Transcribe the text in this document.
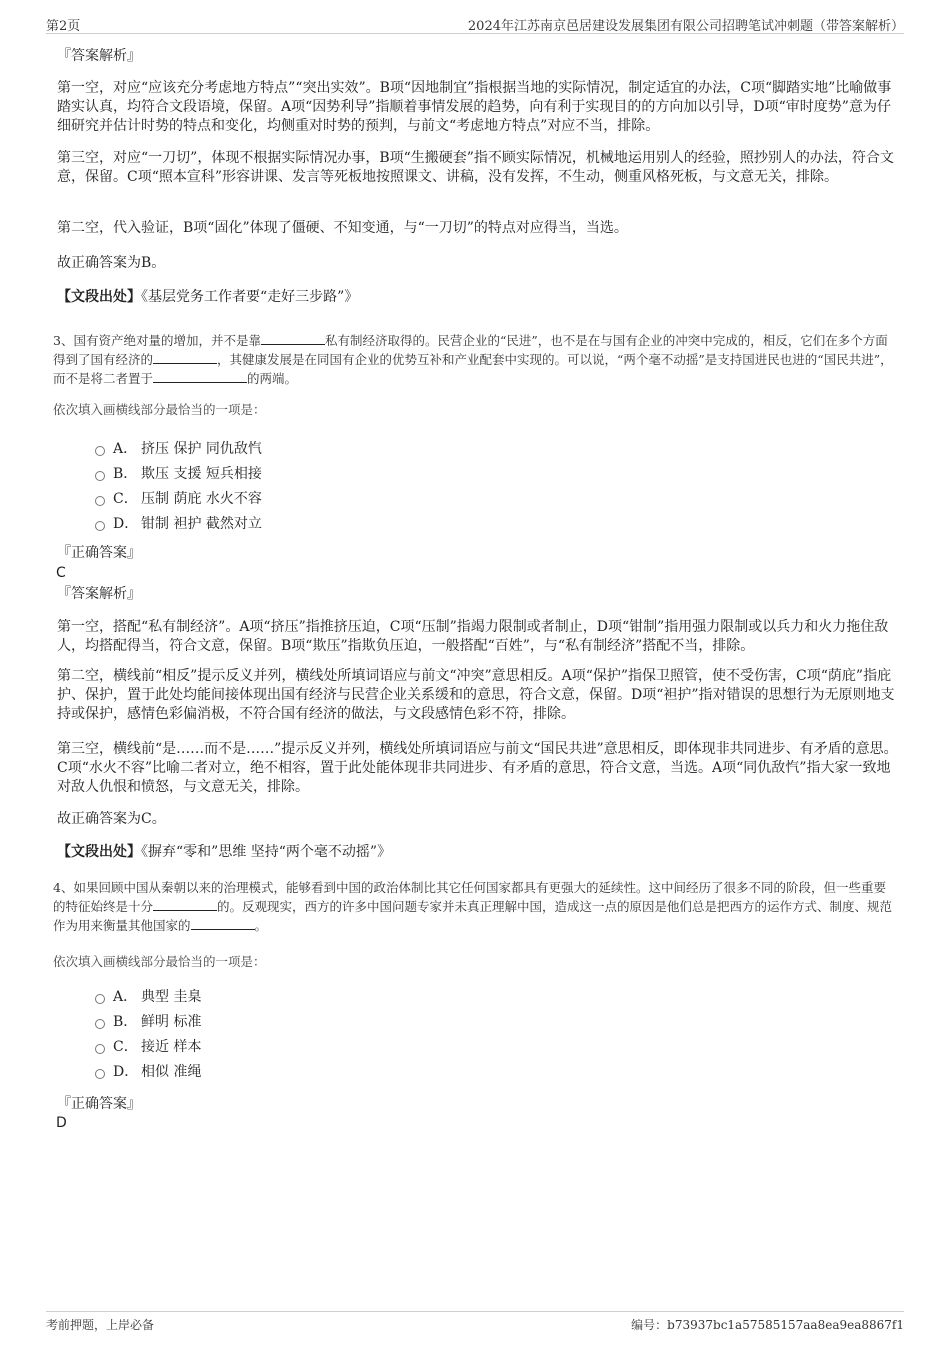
第2页	2024年江苏南京邑居建设发展集团有限公司招聘笔试冲刺题（带答案解析）
『答案解析』

第一空，对应“应该充分考虑地方特点”“突出实效”。B项“因地制宜”指根据当地的实际情况，制定适宜的办法，C项“脚踏实地”比喻做事踏实认真，均符合文段语境，保留。A项“因势利导”指顺着事情发展的趋势，向有利于实现目的的方向加以引导，D项“审时度势”意为仔细研究并估计时势的特点和变化，均侧重对时势的预判，与前文“考虑地方特点”对应不当，排除。

第三空，对应“一刀切”，体现不根据实际情况办事，B项“生搬硬套”指不顾实际情况，机械地运用别人的经验，照抄别人的办法，符合文意，保留。C项“照本宣科”形容讲课、发言等死板地按照课文、讲稿，没有发挥，不生动，侧重风格死板，与文意无关，排除。

第二空，代入验证，B项“固化”体现了僵硬、不知变通，与“一刀切”的特点对应得当，当选。

故正确答案为B。

【文段出处】《基层党务工作者要“走好三步路”》
3、国有资产绝对量的增加，并不是靠	私有制经济取得的。民营企业的“民进”，也不是在与国有企业的冲突中完成的，相反，它们在多个方面得到了国有经济的	，其健康发展是在同国有企业的优势互补和产业配套中实现的。可以说，“两个毫不动摇”是支持国进民也进的“国民共进”，而不是将二者置于	的两端。
依次填入画横线部分最恰当的一项是：
A． 挤压 保护 同仇敌忾
B． 欺压 支援 短兵相接
C． 压制 荫庇 水火不容
D． 钳制 袒护 截然对立
『正确答案』
C
『答案解析』

第一空，搭配“私有制经济”。A项“挤压”指推挤压迫，C项“压制”指竭力限制或者制止，D项“钳制”指用强力限制或以兵力和火力拖住敌人，均搭配得当，符合文意，保留。B项“欺压”指欺负压迫，一般搭配“百姓”，与“私有制经济”搭配不当，排除。

第二空，横线前“相反”提示反义并列，横线处所填词语应与前文“冲突”意思相反。A项“保护”指保卫照管，使不受伤害，C项“荫庇”指庇护、保护，置于此处均能间接体现出国有经济与民营企业关系缓和的意思，符合文意，保留。D项“袒护”指对错误的思想行为无原则地支持或保护，感情色彩偏消极，不符合国有经济的做法，与文段感情色彩不符，排除。

第三空，横线前“是……而不是……”提示反义并列，横线处所填词语应与前文“国民共进”意思相反，即体现非共同进步、有矛盾的意思。C项“水火不容”比喻二者对立，绝不相容，置于此处能体现非共同进步、有矛盾的意思，符合文意，当选。A项“同仇敌忾”指大家一致地对敌人仇恨和愤怒，与文意无关，排除。

故正确答案为C。

【文段出处】《摒弃“零和”思维 坚持“两个毫不动摇”》
4、如果回顾中国从秦朝以来的治理模式，能够看到中国的政治体制比其它任何国家都具有更强大的延续性。这中间经历了很多不同的阶段，但一些重要的特征始终是十分	的。反观现实，西方的许多中国问题专家并未真正理解中国，造成这一点的原因是他们总是把西方的运作方式、制度、规范作为用来衡量其他国家的	。
依次填入画横线部分最恰当的一项是：
A． 典型 圭臬
B． 鲜明 标准
C． 接近 样本
D． 相似 准绳
『正确答案』
D
考前押题，上岸必备	编号：b73937bc1a57585157aa8ea9ea8867f1
